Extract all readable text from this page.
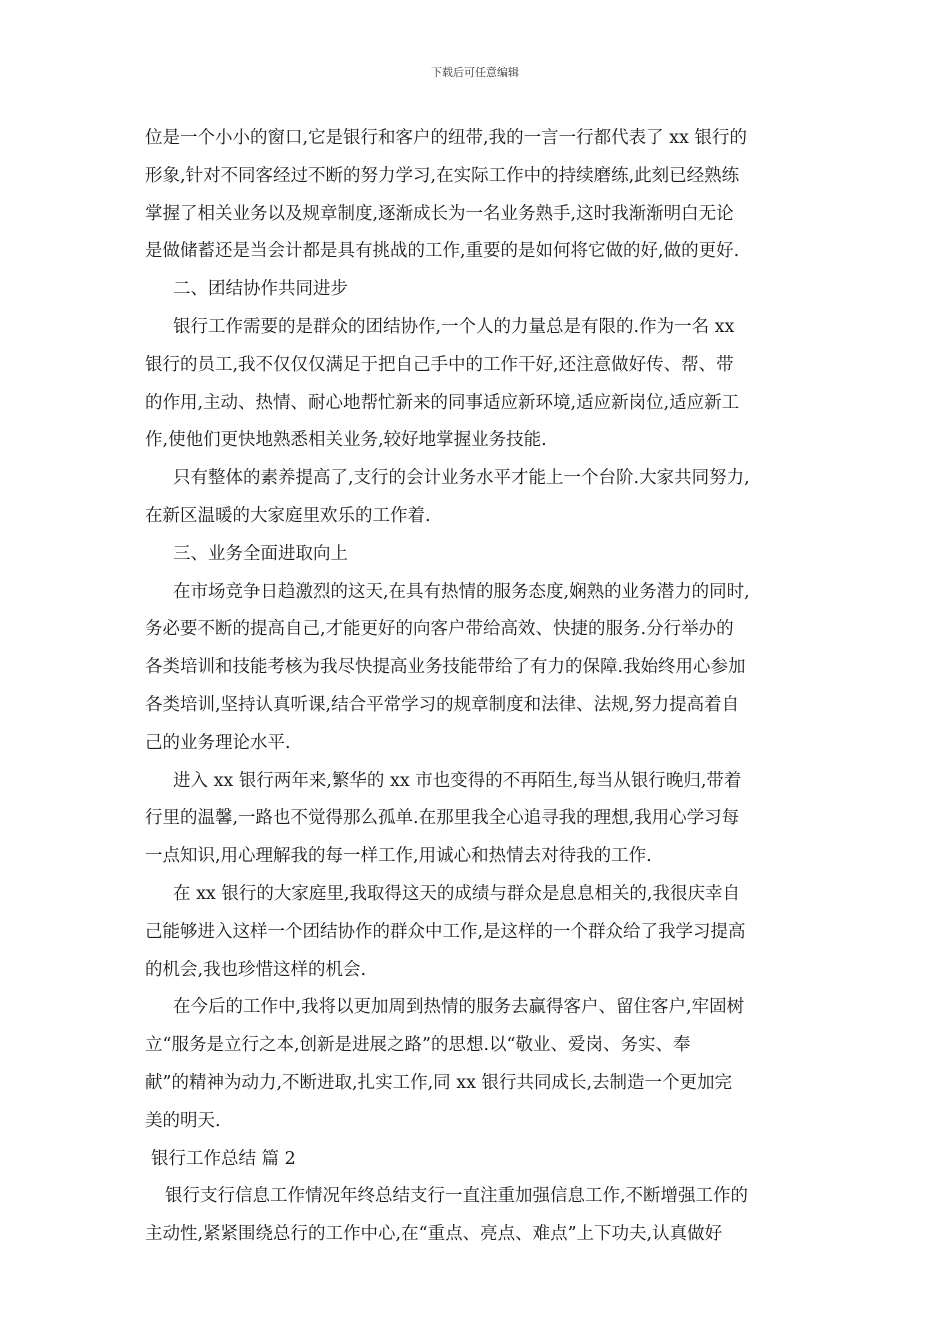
下载后可任意编辑
位是一个小小的窗口,它是银行和客户的纽带,我的一言一行都代表了 xx 银行的
形象,针对不同客经过不断的努力学习,在实际工作中的持续磨练,此刻已经熟练
掌握了相关业务以及规章制度,逐渐成长为一名业务熟手,这时我渐渐明白无论
是做储蓄还是当会计都是具有挑战的工作,重要的是如何将它做的好,做的更好.
二、团结协作共同进步
银行工作需要的是群众的团结协作,一个人的力量总是有限的.作为一名 xx
银行的员工,我不仅仅仅满足于把自己手中的工作干好,还注意做好传、帮、带
的作用,主动、热情、耐心地帮忙新来的同事适应新环境,适应新岗位,适应新工
作,使他们更快地熟悉相关业务,较好地掌握业务技能.
只有整体的素养提高了,支行的会计业务水平才能上一个台阶.大家共同努力,
在新区温暖的大家庭里欢乐的工作着.
三、业务全面进取向上
在市场竞争日趋激烈的这天,在具有热情的服务态度,娴熟的业务潜力的同时,
务必要不断的提高自己,才能更好的向客户带给高效、快捷的服务.分行举办的
各类培训和技能考核为我尽快提高业务技能带给了有力的保障.我始终用心参加
各类培训,坚持认真听课,结合平常学习的规章制度和法律、法规,努力提高着自
己的业务理论水平.
进入 xx 银行两年来,繁华的 xx 市也变得的不再陌生,每当从银行晚归,带着
行里的温馨,一路也不觉得那么孤单.在那里我全心追寻我的理想,我用心学习每
一点知识,用心理解我的每一样工作,用诚心和热情去对待我的工作.
在 xx 银行的大家庭里,我取得这天的成绩与群众是息息相关的,我很庆幸自
己能够进入这样一个团结协作的群众中工作,是这样的一个群众给了我学习提高
的机会,我也珍惜这样的机会.
在今后的工作中,我将以更加周到热情的服务去赢得客户、留住客户,牢固树
立“服务是立行之本,创新是进展之路”的思想.以“敬业、爱岗、务实、奉
献”的精神为动力,不断进取,扎实工作,同 xx 银行共同成长,去制造一个更加完
美的明天.
银行工作总结 篇 2
银行支行信息工作情况年终总结支行一直注重加强信息工作,不断增强工作的
主动性,紧紧围绕总行的工作中心,在“重点、亮点、难点”上下功夫,认真做好
